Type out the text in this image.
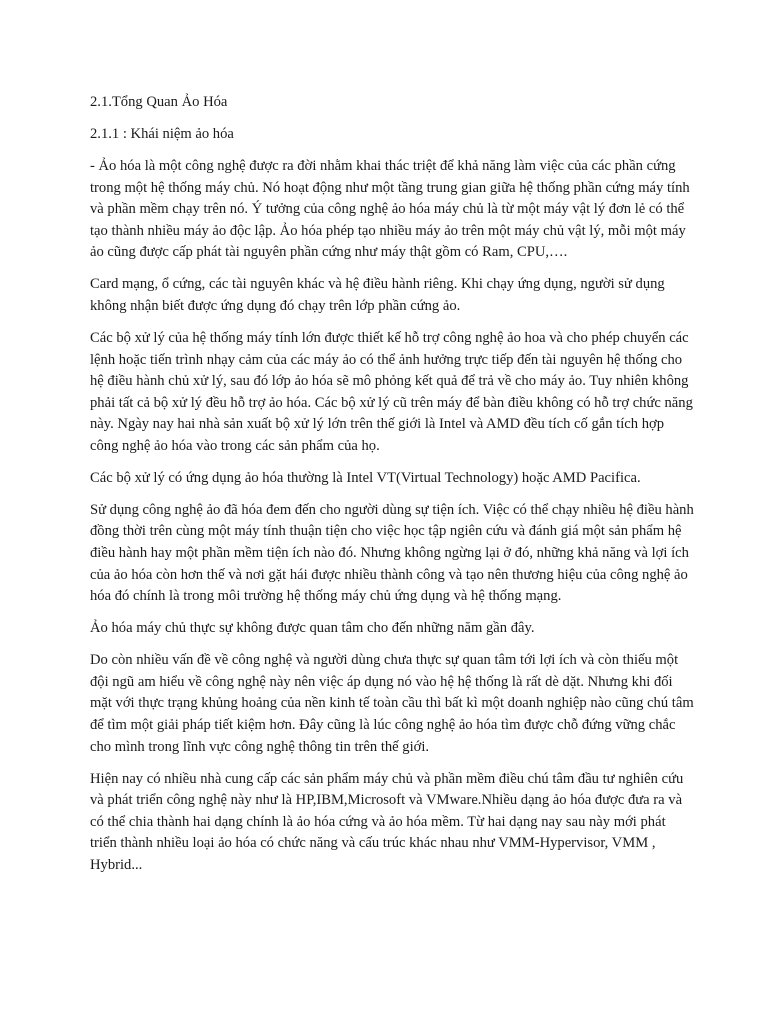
2.1.Tổng Quan Ảo Hóa

2.1.1 : Khái niệm ảo hóa

- Ảo hóa là một công nghệ được ra đời nhằm khai thác triệt để khả năng làm việc của các phần cứng trong một hệ thống máy chủ. Nó hoạt động như một tầng trung gian giữa hệ thống phần cứng máy tính và phần mềm chạy trên nó. Ý tưởng của công nghệ ảo hóa máy chủ là từ một máy vật lý đơn lẻ có thể tạo thành nhiều máy ảo độc lập. Ảo hóa phép tạo nhiều máy ảo trên một máy chủ vật lý, mỗi một máy ảo cũng được cấp phát tài nguyên phần cứng như máy thật gồm có Ram, CPU,….

Card mạng, ổ cứng, các tài nguyên khác và hệ điều hành riêng. Khi chạy ứng dụng, người sử dụng không nhận biết được ứng dụng đó chạy trên lớp phần cứng ảo.

Các bộ xử lý của hệ thống máy tính lớn được thiết kế hỗ trợ công nghệ ảo hoa và cho phép chuyển các lệnh hoặc tiến trình nhạy cảm của các máy ảo có thể ảnh hưởng trực tiếp đến tài nguyên hệ thống cho hệ điều hành chủ xử lý, sau đó lớp ảo hóa sẽ mô phỏng kết quả để trả về cho máy ảo. Tuy nhiên không phải tất cả bộ xử lý đều hỗ trợ ảo hóa. Các bộ xử lý cũ trên máy để bàn điều không có hỗ trợ chức năng này. Ngày nay hai nhà sản xuất bộ xử lý lớn trên thế giới là Intel và AMD đều tích cố gắn tích hợp công nghệ ảo hóa vào trong các sản phẩm của họ.

Các bộ xử lý có ứng dụng ảo hóa thường là Intel VT(Virtual Technology) hoặc AMD Pacifica.

Sử dụng công nghệ ảo đã hóa đem đến cho người dùng sự tiện ích. Việc có thể chạy nhiều hệ điều hành đồng thời trên cùng một máy tính thuận tiện cho việc học tập ngiên cứu và đánh giá một sản phẩm hệ điều hành hay một phần mềm tiện ích nào đó. Nhưng không ngừng lại ở đó, những khả năng và lợi ích của ảo hóa còn hơn thế và nơi gặt hái được nhiều thành công và tạo nên thương hiệu của công nghệ ảo hóa đó chính là trong môi trường hệ thống máy chủ ứng dụng và hệ thống mạng.

Ảo hóa máy chủ thực sự không được quan tâm cho đến những năm gần đây.

Do còn nhiều vấn đề về công nghệ và người dùng chưa thực sự quan tâm tới lợi ích và còn thiếu một đội ngũ am hiểu về công nghệ này nên việc áp dụng nó vào hệ hệ thống là rất dè dặt. Nhưng khi đối mặt với thực trạng khủng hoảng của nền kinh tế toàn cầu thì bất kì một doanh nghiệp nào cũng chú tâm để tìm một giải pháp tiết kiệm hơn. Đây cũng là lúc công nghệ ảo hóa tìm được chỗ đứng vững chắc cho mình trong lĩnh vực công nghệ thông tin trên thế giới.

Hiện nay có nhiều nhà cung cấp các sản phẩm máy chủ và phần mềm điều chú tâm đầu tư nghiên cứu và phát triển công nghệ này như là HP,IBM,Microsoft và VMware.Nhiều dạng ảo hóa được đưa ra và có thể chia thành hai dạng chính là ảo hóa cứng và ảo hóa mềm. Từ hai dạng nay sau này mới phát triển thành nhiều loại ảo hóa có chức năng và cấu trúc khác nhau như VMM-Hypervisor, VMM , Hybrid...
